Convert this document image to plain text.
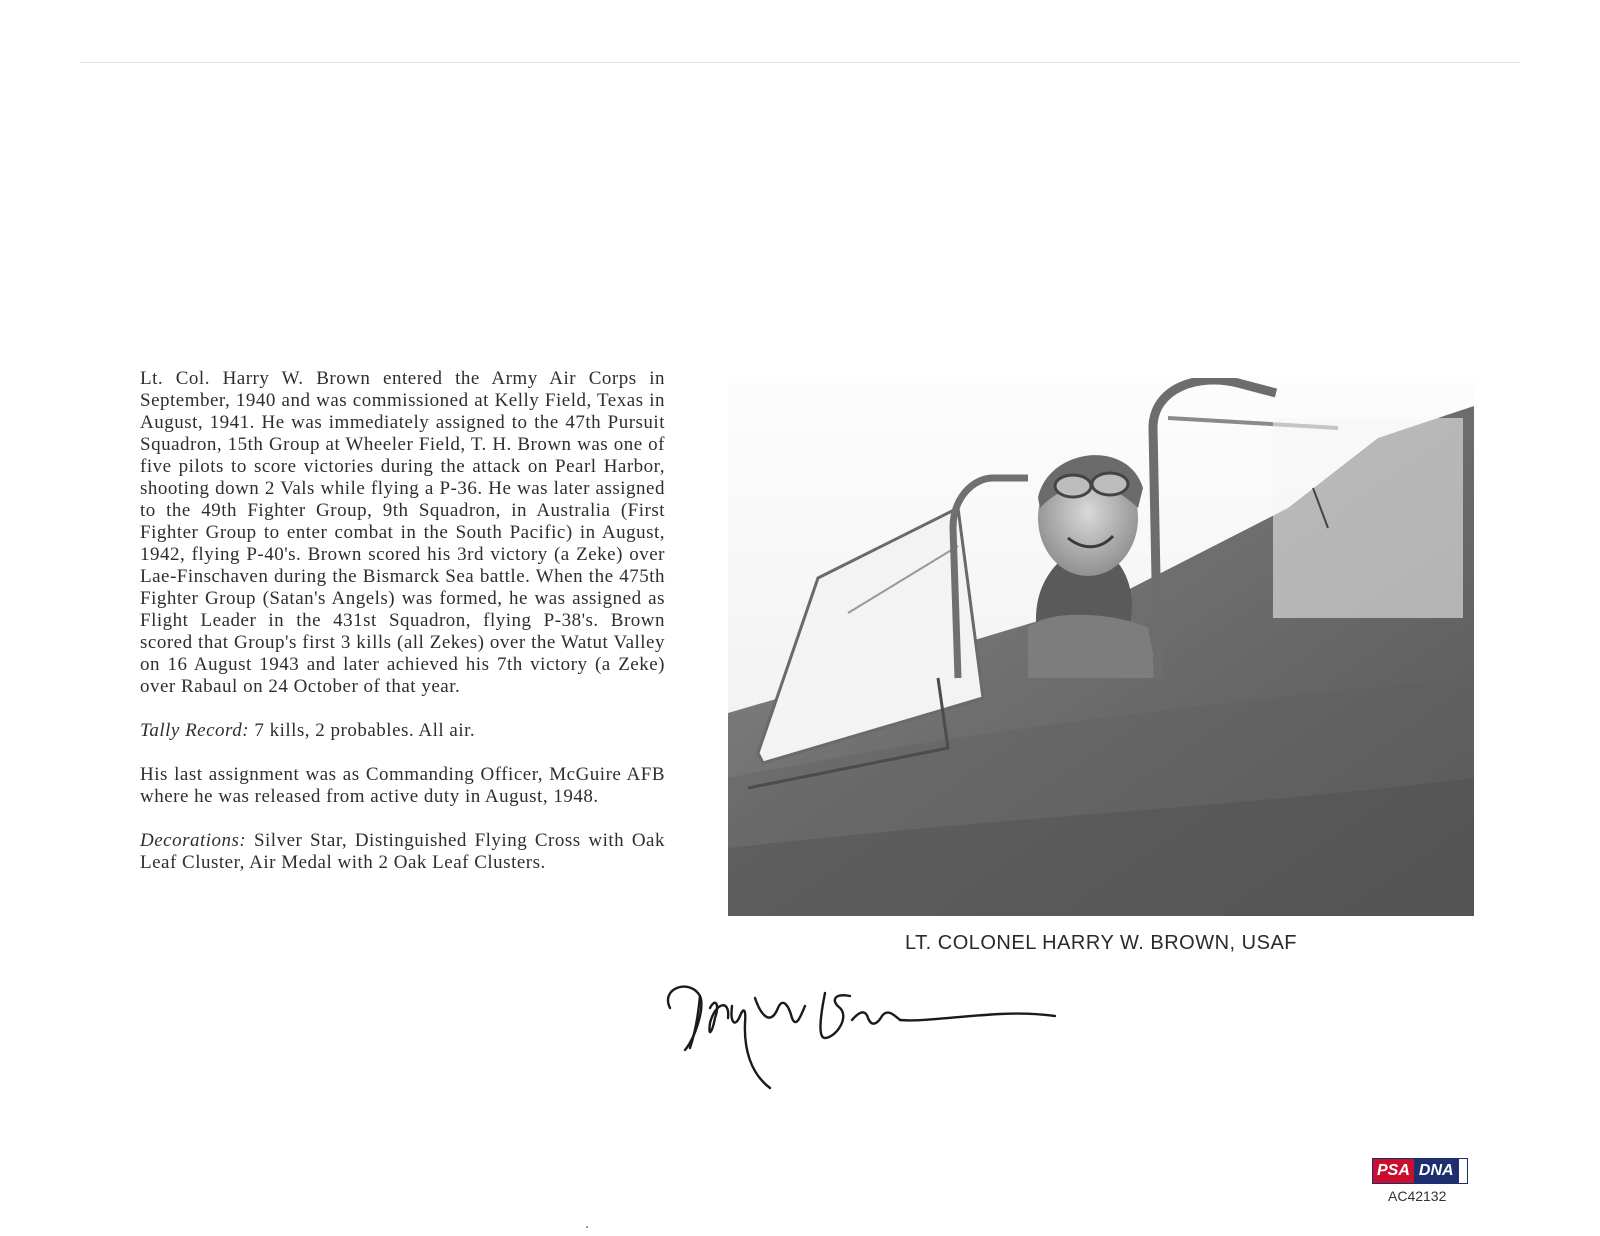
Lt. Col. Harry W. Brown entered the Army Air Corps in September, 1940 and was commissioned at Kelly Field, Texas in August, 1941. He was immediately assigned to the 47th Pursuit Squadron, 15th Group at Wheeler Field, T. H. Brown was one of five pilots to score victories during the attack on Pearl Harbor, shooting down 2 Vals while flying a P-36. He was later assigned to the 49th Fighter Group, 9th Squadron, in Australia (First Fighter Group to enter combat in the South Pacific) in August, 1942, flying P-40's. Brown scored his 3rd victory (a Zeke) over Lae-Finschaven during the Bismarck Sea battle. When the 475th Fighter Group (Satan's Angels) was formed, he was assigned as Flight Leader in the 431st Squadron, flying P-38's. Brown scored that Group's first 3 kills (all Zekes) over the Watut Valley on 16 August 1943 and later achieved his 7th victory (a Zeke) over Rabaul on 24 October of that year.

Tally Record: 7 kills, 2 probables. All air.

His last assignment was as Commanding Officer, McGuire AFB where he was released from active duty in August, 1948.

Decorations: Silver Star, Distinguished Flying Cross with Oak Leaf Cluster, Air Medal with 2 Oak Leaf Clusters.

LT. COLONEL HARRY W. BROWN, USAF
PSA DNA
AC42132
